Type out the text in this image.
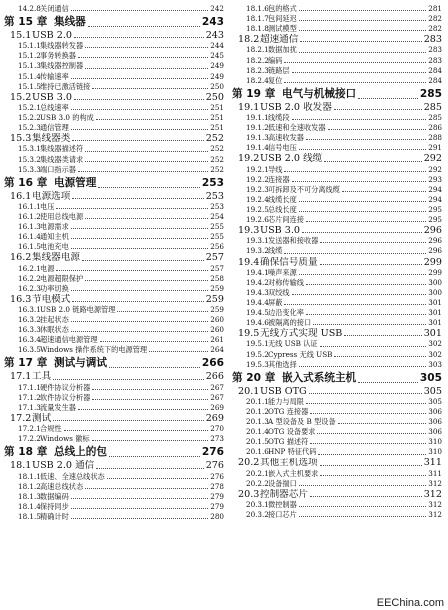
14.2.8 关闭通信	242
第 15 章 集线器	243
15.1 USB 2.0	243
15.1.1 集线器转发器	244
15.1.2 事务转换器	245
15.1.3 集线器控制器	249
15.1.4 传输速率	249
15.1.5 维持已激活链接	250
15.2 USB 3.0	250
15.2.1 总线速率	251
15.2.2 USB 3.0 的构成	251
15.2.3 通信管理	251
15.3 集线器类	252
15.3.1 集线器描述符	252
15.3.2 集线器类请求	252
15.3.3 端口指示器	252
第 16 章 电源管理	253
16.1 电源选项	253
16.1.1 电压	253
16.1.2 使用总线电源	254
16.1.3 电源需求	255
16.1.4 通知主机	255
16.1.5 电池充电	256
16.2 集线器电源	257
16.2.1 电源	257
16.2.2 电源超限保护	258
16.2.3 功率切换	259
16.3 节电模式	259
16.3.1 USB 2.0 链路电源管理	259
16.3.2 挂起状态	260
16.3.3 休眠状态	260
16.3.4 超速通信电源管理	261
16.3.5 Windows 操作系统下的电源管理	264
第 17 章 测试与调试	266
17.1 工具	266
17.1.1 硬件协议分析器	267
17.1.2 软件协议分析器	267
17.1.3 流量发生器	269
17.2 测试	269
17.2.1 合规性	270
17.2.2 Windows 徽标	273
第 18 章 总线上的包	276
18.1 USB 2.0 通信	276
18.1.1 低速、全速总线状态	276
18.1.2 高速总线状态	278
18.1.3 数据编码	279
18.1.4 保持同步	279
18.1.5 精确计时	280
18.1.6 包的格式	281
18.1.7 包间延迟	282
18.1.8 测试模型	282
18.2 超速通信	283
18.2.1 数据加扰	283
18.2.2 编码	283
18.2.3 链路层	284
18.2.4 复位	284
第 19 章 电气与机械接口	285
19.1 USB 2.0 收发器	285
19.1.1 线缆段	285
19.1.2 低速和全速收发器	286
19.1.3 高速收发器	288
19.1.4 信号电压	291
19.2 USB 2.0 线缆	292
19.2.1 导线	292
19.2.2 连接器	293
19.2.3 可拆卸及不可分离线缆	294
19.2.4 线缆长度	294
19.2.5 总线长度	295
19.2.6 芯片间连接	295
19.3 USB 3.0	296
19.3.1 发送器和接收器	296
19.3.2 线缆	296
19.4 确保信号质量	299
19.4.1 噪声来源	299
19.4.2 对称传输线	300
19.4.3 双绞线	300
19.4.4 屏蔽	301
19.4.5 边沿变化率	301
19.4.6 被隔离的接口	301
19.5 无线方式实现 USB	301
19.5.1 无线 USB 认证	302
19.5.2 Cypress 无线 USB	302
19.5.3 其他选择	303
第 20 章 嵌入式系统主机	305
20.1 USB OTG	305
20.1.1 能力与局限	305
20.1.2 OTG 连接器	306
20.1.3 A 型设备及 B 型设备	306
20.1.4 OTG 设备要求	306
20.1.5 OTG 描述符	310
20.1.6 HNP 特征代码	310
20.2 其他主机选项	311
20.2.1 嵌入式主机要求	311
20.2.2 设备揣口	312
20.3 控制器芯片	312
20.3.1 微控制器	312
20.3.2 接口芯片	312
EEChina.com
